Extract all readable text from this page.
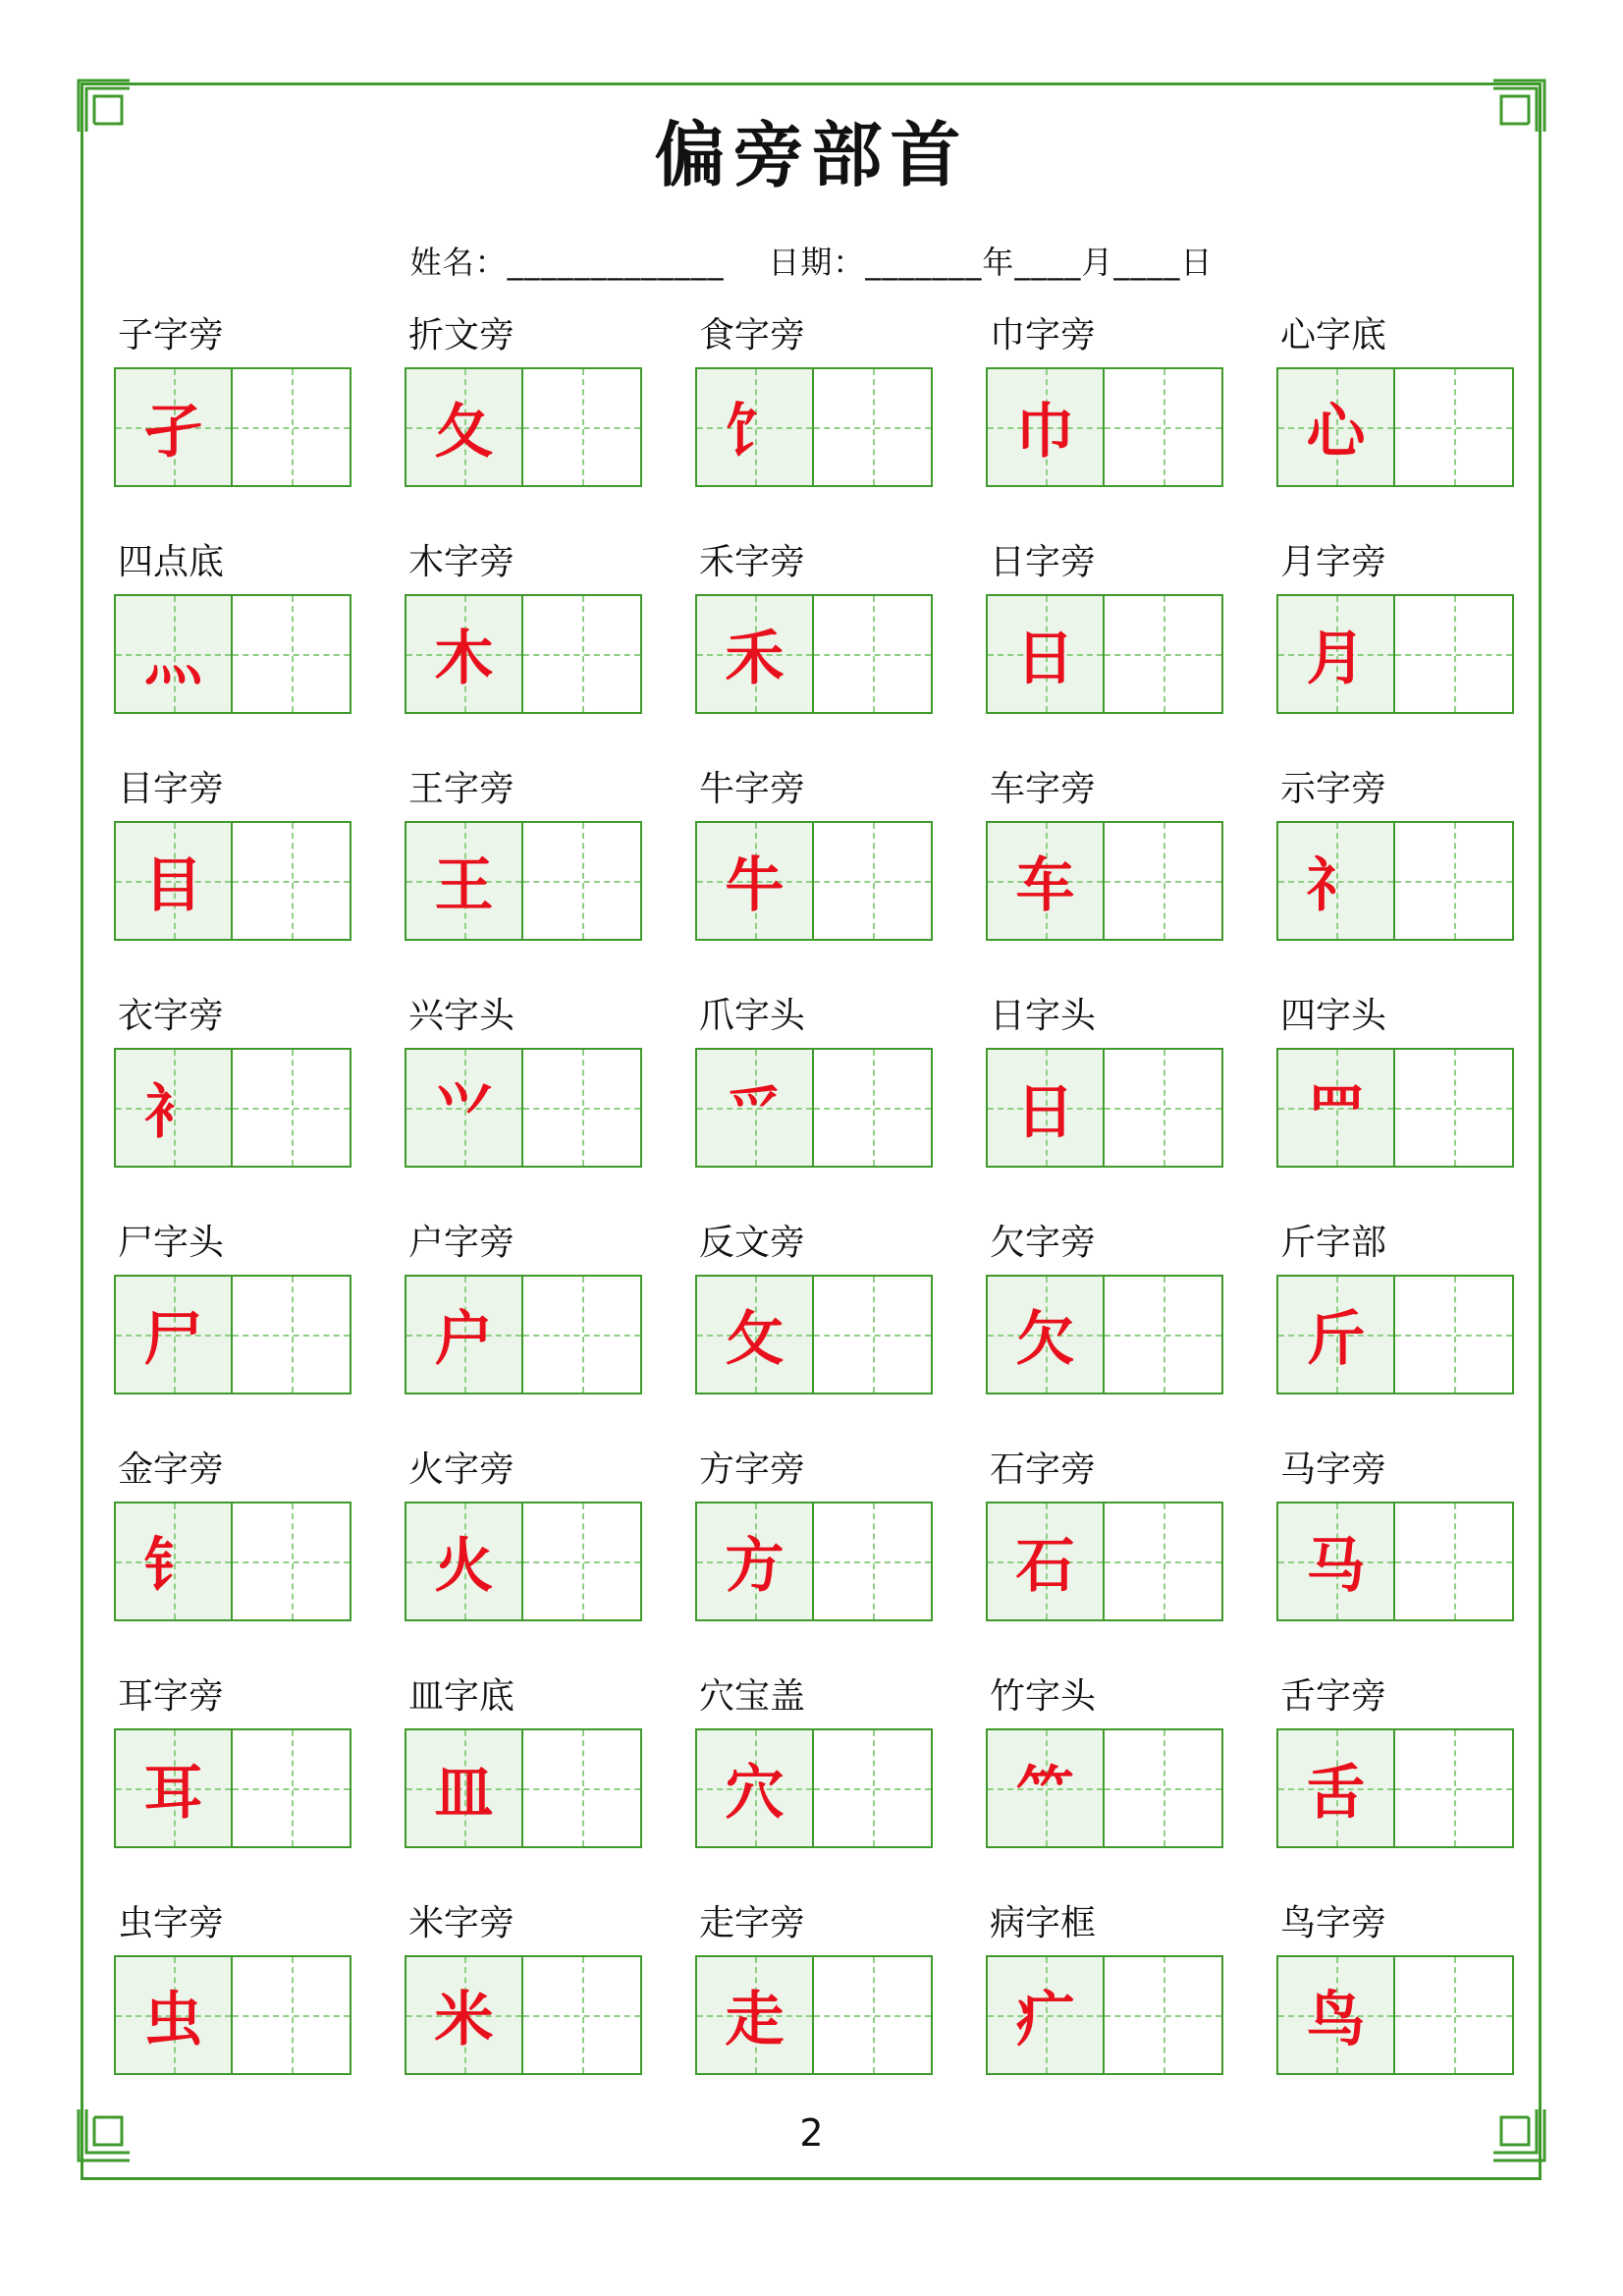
偏旁部首
姓名：_____________ 日期：_______年____月____日
子字旁
孑
折文旁
夂
食字旁
饣
巾字旁
巾
心字底
心
四点底
灬
木字旁
木
禾字旁
禾
日字旁
日
月字旁
月
目字旁
目
王字旁
王
牛字旁
牛
车字旁
车
示字旁
礻
衣字旁
衤
兴字头
⺍
爪字头
爫
日字头
日
四字头
罒
尸字头
尸
户字旁
户
反文旁
攵
欠字旁
欠
斤字部
斤
金字旁
钅
火字旁
火
方字旁
方
石字旁
石
马字旁
马
耳字旁
耳
皿字底
皿
穴宝盖
穴
竹字头
⺮
舌字旁
舌
虫字旁
虫
米字旁
米
走字旁
走
病字框
疒
鸟字旁
鸟
2
